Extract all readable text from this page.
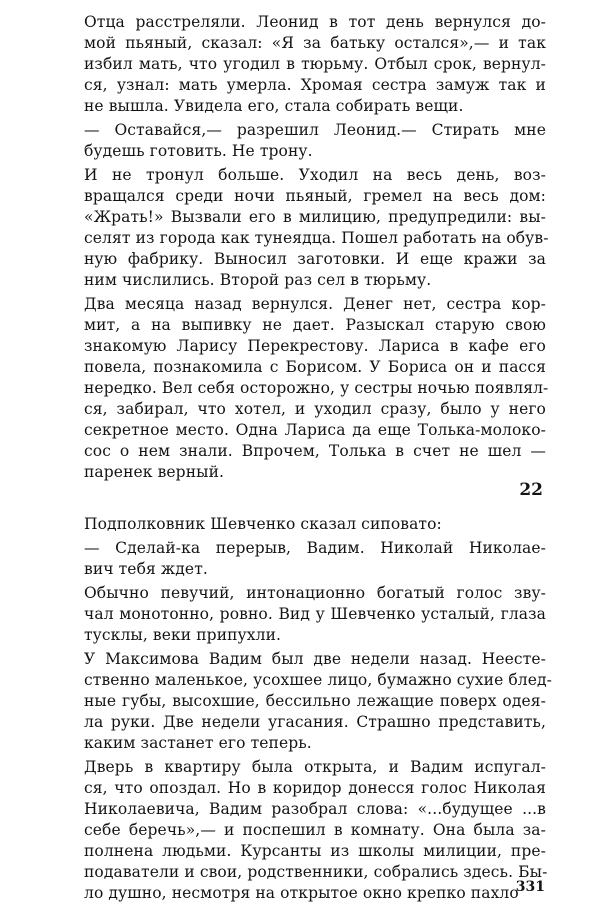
Отца расстреляли. Леонид в тот день вернулся до-
мой пьяный, сказал: «Я за батьку остался»,— и так
избил мать, что угодил в тюрьму. Отбыл срок, вернул-
ся, узнал: мать умерла. Хромая сестра замуж так и
не вышла. Увидела его, стала собирать вещи.
— Оставайся,— разрешил Леонид.— Стирать мне
будешь готовить. Не трону.
И не тронул больше. Уходил на весь день, воз-
вращался среди ночи пьяный, гремел на весь дом:
«Жрать!» Вызвали его в милицию, предупредили: вы-
селят из города как тунеядца. Пошел работать на обув-
ную фабрику. Выносил заготовки. И еще кражи за
ним числились. Второй раз сел в тюрьму.
Два месяца назад вернулся. Денег нет, сестра кор-
мит, а на выпивку не дает. Разыскал старую свою
знакомую Ларису Перекрестову. Лариса в кафе его
повела, познакомила с Борисом. У Бориса он и пасся
нередко. Вел себя осторожно, у сестры ночью появлял-
ся, забирал, что хотел, и уходил сразу, было у него
секретное место. Одна Лариса да еще Толька-молоко-
сос о нем знали. Впрочем, Толька в счет не шел —
паренек верный.
22
Подполковник Шевченко сказал сиповато:
— Сделай-ка перерыв, Вадим. Николай Николае-
вич тебя ждет.
Обычно певучий, интонационно богатый голос зву-
чал монотонно, ровно. Вид у Шевченко усталый, глаза
тусклы, веки припухли.
У Максимова Вадим был две недели назад. Неесте-
ственно маленькое, усохшее лицо, бумажно сухие блед-
ные губы, высохшие, бессильно лежащие поверх одея-
ла руки. Две недели угасания. Страшно представить,
каким застанет его теперь.
Дверь в квартиру была открыта, и Вадим испугал-
ся, что опоздал. Но в коридор донесся голос Николая
Николаевича, Вадим разобрал слова: «...будущее ...в
себе беречь»,— и поспешил в комнату. Она была за-
полнена людьми. Курсанты из школы милиции, пре-
подаватели и свои, родственники, собрались здесь. Бы-
ло душно, несмотря на открытое окно крепко пахло
331
